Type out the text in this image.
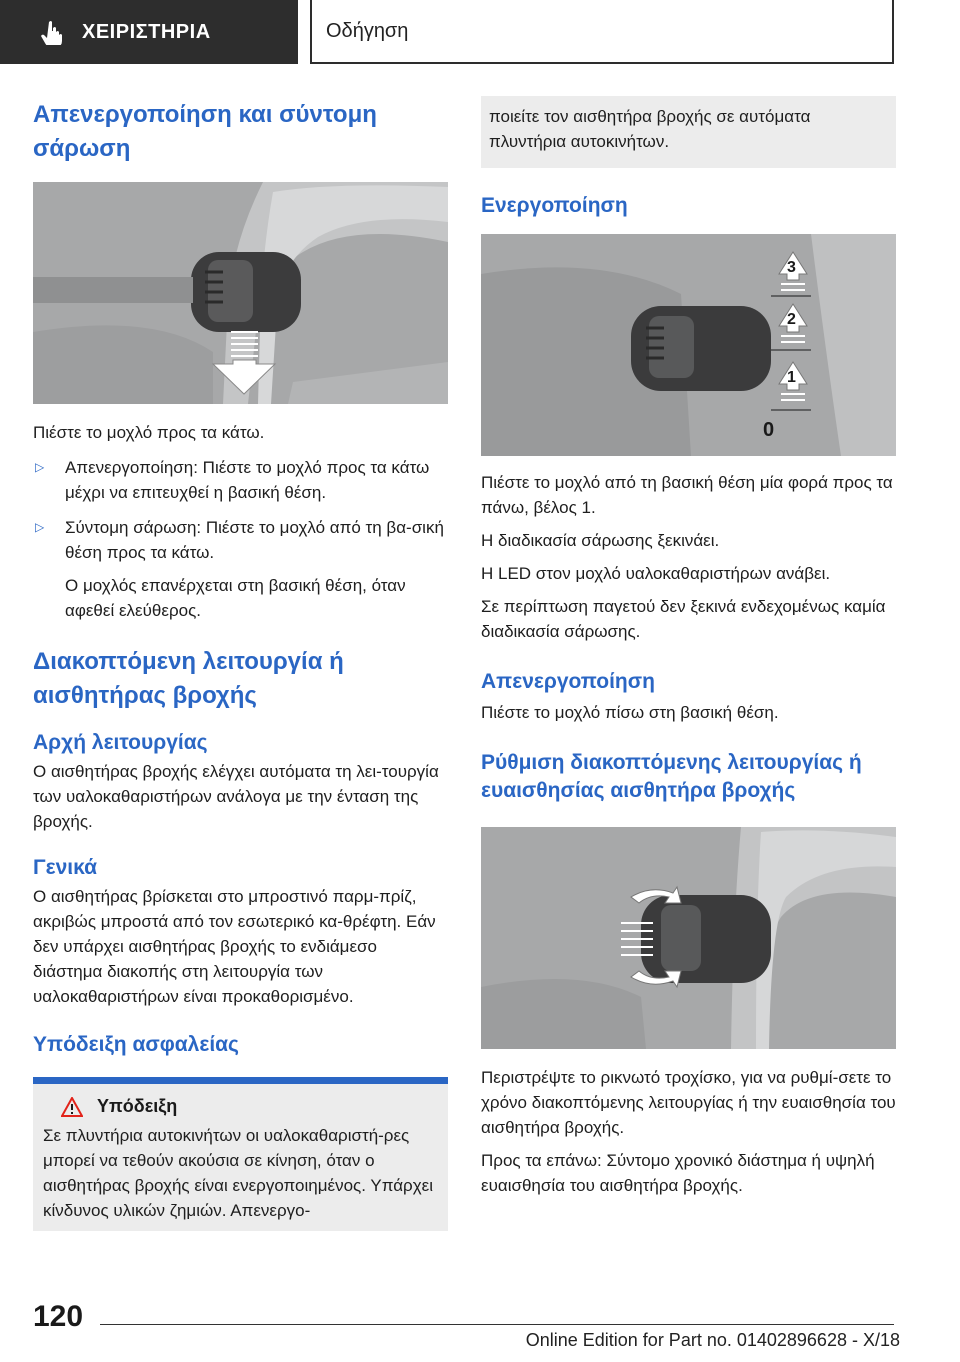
ΧΕΙΡΙΣΤΗΡΙΑ	Οδήγηση
Απενεργοποίηση και σύντομη σάρωση

Πιέστε το μοχλό προς τα κάτω.

▷	Απενεργοποίηση: Πιέστε το μοχλό προς τα κάτω μέχρι να επιτευχθεί η βασική θέση.

▷	Σύντομη σάρωση: Πιέστε το μοχλό από τη βα-σική θέση προς τα κάτω.

Ο μοχλός επανέρχεται στη βασική θέση, όταν αφεθεί ελεύθερος.

Διακοπτόμενη λειτουργία ή αισθητήρας βροχής
Αρχή λειτουργίας

Ο αισθητήρας βροχής ελέγχει αυτόματα τη λει-τουργία των υαλοκαθαριστήρων ανάλογα με την ένταση της βροχής.

Γενικά

Ο αισθητήρας βρίσκεται στο μπροστινό παρμ-πρίζ, ακριβώς μπροστά από τον εσωτερικό κα-θρέφτη. Εάν δεν υπάρχει αισθητήρας βροχής το ενδιάμεσο διάστημα διακοπής στη λειτουργία των υαλοκαθαριστήρων είναι προκαθορισμένο.

Υπόδειξη ασφαλείας
Υπόδειξη

Σε πλυντήρια αυτοκινήτων οι υαλοκαθαριστή-ρες μπορεί να τεθούν ακούσια σε κίνηση, όταν ο αισθητήρας βροχής είναι ενεργοποιημένος. Υπάρχει κίνδυνος υλικών ζημιών. Απενεργο-

ποιείτε τον αισθητήρα βροχής σε αυτόματα πλυντήρια αυτοκινήτων.

Ενεργοποίηση
3
2
1
0

Πιέστε το μοχλό από τη βασική θέση μία φορά προς τα πάνω, βέλος 1.

Η διαδικασία σάρωσης ξεκινάει.

Η LED στον μοχλό υαλοκαθαριστήρων ανάβει.

Σε περίπτωση παγετού δεν ξεκινά ενδεχομένως καμία διαδικασία σάρωσης.

Απενεργοποίηση

Πιέστε το μοχλό πίσω στη βασική θέση.

Ρύθμιση διακοπτόμενης λειτουργίας ή ευαισθησίας αισθητήρα βροχής

Περιστρέψτε το ρικνωτό τροχίσκο, για να ρυθμί-σετε το χρόνο διακοπτόμενης λειτουργίας ή την ευαισθησία του αισθητήρα βροχής.

Προς τα επάνω: Σύντομο χρονικό διάστημα ή υψηλή ευαισθησία του αισθητήρα βροχής.

120
Online Edition for Part no. 01402896628 - X/18
